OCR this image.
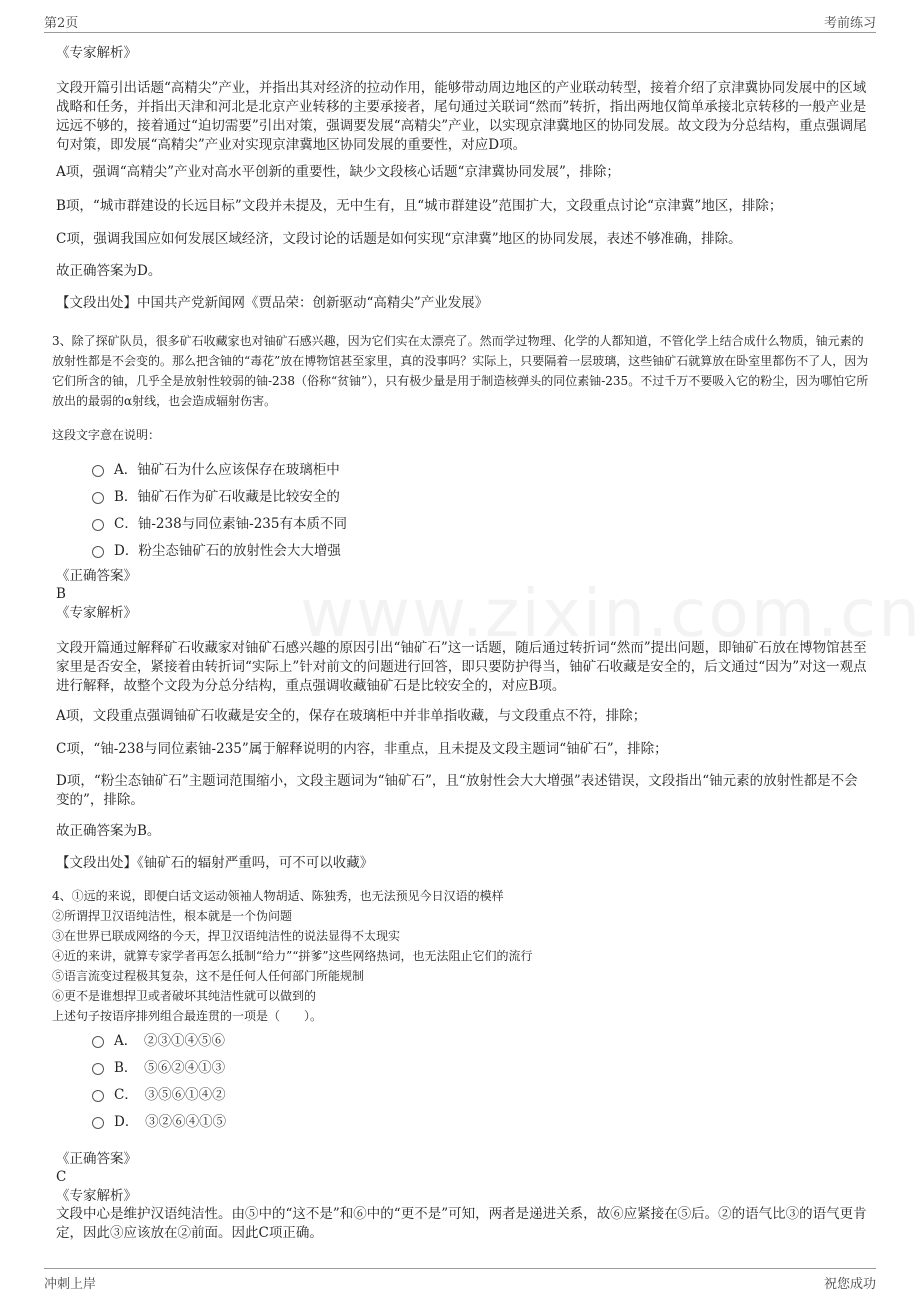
第2页	考前练习

《专家解析》

文段开篇引出话题“高精尖”产业，并指出其对经济的拉动作用，能够带动周边地区的产业联动转型，接着介绍了京津冀协同发展中的区域战略和任务，并指出天津和河北是北京产业转移的主要承接者，尾句通过关联词“然而”转折，指出两地仅简单承接北京转移的一般产业是远远不够的，接着通过“迫切需要”引出对策，强调要发展“高精尖”产业，以实现京津冀地区的协同发展。故文段为分总结构，重点强调尾句对策，即发展“高精尖”产业对实现京津冀地区协同发展的重要性，对应D项。

A项，强调“高精尖”产业对高水平创新的重要性，缺少文段核心话题“京津冀协同发展”，排除；

B项，“城市群建设的长远目标”文段并未提及，无中生有，且“城市群建设”范围扩大，文段重点讨论“京津冀”地区，排除；

C项，强调我国应如何发展区域经济，文段讨论的话题是如何实现“京津冀”地区的协同发展，表述不够准确，排除。

故正确答案为D。

【文段出处】中国共产党新闻网《贾品荣：创新驱动“高精尖”产业发展》

3、除了探矿队员，很多矿石收藏家也对铀矿石感兴趣，因为它们实在太漂亮了。然而学过物理、化学的人都知道，不管化学上结合成什么物质，铀元素的放射性都是不会变的。那么把含铀的“毒花”放在博物馆甚至家里，真的没事吗？实际上，只要隔着一层玻璃，这些铀矿石就算放在卧室里都伤不了人，因为它们所含的铀，几乎全是放射性较弱的铀-238（俗称“贫铀”），只有极少量是用于制造核弹头的同位素铀-235。不过千万不要吸入它的粉尘，因为哪怕它所放出的最弱的α射线，也会造成辐射伤害。

这段文字意在说明：

A．铀矿石为什么应该保存在玻璃柜中
B．铀矿石作为矿石收藏是比较安全的
C．铀-238与同位素铀-235有本质不同
D．粉尘态铀矿石的放射性会大大增强

《正确答案》

B

《专家解析》

文段开篇通过解释矿石收藏家对铀矿石感兴趣的原因引出“铀矿石”这一话题，随后通过转折词“然而”提出问题，即铀矿石放在博物馆甚至家里是否安全，紧接着由转折词“实际上”针对前文的问题进行回答，即只要防护得当，铀矿石收藏是安全的，后文通过“因为”对这一观点进行解释，故整个文段为分总分结构，重点强调收藏铀矿石是比较安全的，对应B项。

A项，文段重点强调铀矿石收藏是安全的，保存在玻璃柜中并非单指收藏，与文段重点不符，排除；

C项，“铀-238与同位素铀-235”属于解释说明的内容，非重点，且未提及文段主题词“铀矿石”，排除；

D项，“粉尘态铀矿石”主题词范围缩小，文段主题词为“铀矿石”，且“放射性会大大增强”表述错误，文段指出“铀元素的放射性都是不会变的”，排除。

故正确答案为B。

【文段出处】《铀矿石的辐射严重吗，可不可以收藏》

4、①远的来说，即便白话文运动领袖人物胡适、陈独秀，也无法预见今日汉语的模样

②所谓捍卫汉语纯洁性，根本就是一个伪问题

③在世界已联成网络的今天，捍卫汉语纯洁性的说法显得不太现实

④近的来讲，就算专家学者再怎么抵制“给力”“拼爹”这些网络热词，也无法阻止它们的流行

⑤语言流变过程极其复杂，这不是任何人任何部门所能规制

⑥更不是谁想捍卫或者破坏其纯洁性就可以做到的

上述句子按语序排列组合最连贯的一项是（　　）。

A．　②③①④⑤⑥
B．　⑤⑥②④①③
C．　③⑤⑥①④②
D．　③②⑥④①⑤

《正确答案》

C

《专家解析》

文段中心是维护汉语纯洁性。由⑤中的“这不是”和⑥中的“更不是”可知，两者是递进关系，故⑥应紧接在⑤后。②的语气比③的语气更肯定，因此③应该放在②前面。因此C项正确。

冲刺上岸	祝您成功
